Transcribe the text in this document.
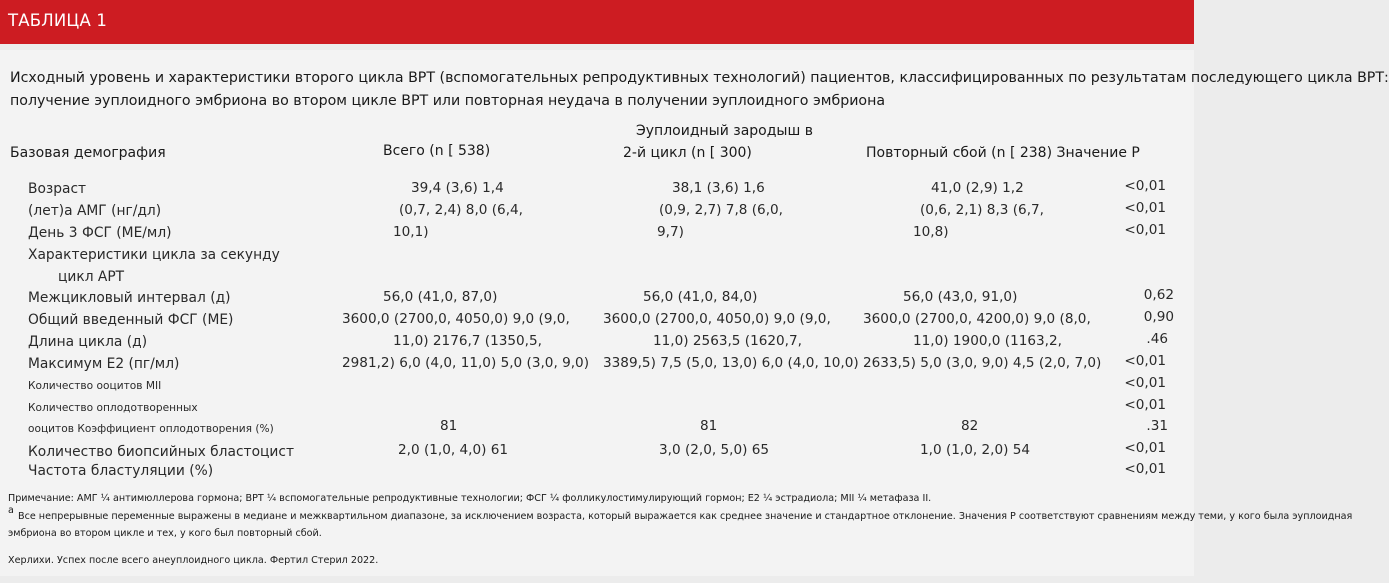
ТАБЛИЦА 1
Исходный уровень и характеристики второго цикла ВРТ (вспомогательных репродуктивных технологий) пациентов, классифицированных по результатам последующего цикла ВРТ:
получение эуплоидного эмбриона во втором цикле ВРТ или повторная неудача в получении эуплоидного эмбриона
Базовая демография	Всего (n [ 538)
Эуплоидный зародыш в
2-й цикл (n [ 300)	Повторный сбой (n [ 238) Значение P
Возраст
(лет)а АМГ (нг/дл)
День 3 ФСГ (МЕ/мл)
Характеристики цикла за секунду
цикл АРТ
Межцикловый интервал (д)
Общий введенный ФСГ (МЕ)
Длина цикла (д)
Максимум Е2 (пг/мл)
Количество ооцитов MII
Количество оплодотворенных
ооцитов Коэффициент оплодотворения (%)
Количество биопсийных бластоцист
Частота бластуляции (%)
39,4 (3,6) 1,4
(0,7, 2,4) 8,0 (6,4,
10,1)
56,0 (41,0, 87,0)
3600,0 (2700,0, 4050,0) 9,0 (9,0,
11,0) 2176,7 (1350,5,
2981,2) 6,0 (4,0, 11,0) 5,0 (3,0, 9,0)
81
2,0 (1,0, 4,0) 61
38,1 (3,6) 1,6
(0,9, 2,7) 7,8 (6,0,
9,7)
56,0 (41,0, 84,0)
3600,0 (2700,0, 4050,0) 9,0 (9,0,
11,0) 2563,5 (1620,7,
3389,5) 7,5 (5,0, 13,0) 6,0 (4,0, 10,0)
81
3,0 (2,0, 5,0) 65
41,0 (2,9) 1,2
(0,6, 2,1) 8,3 (6,7,
10,8)
56,0 (43,0, 91,0)
3600,0 (2700,0, 4200,0) 9,0 (8,0,
11,0) 1900,0 (1163,2,
2633,5) 5,0 (3,0, 9,0) 4,5 (2,0, 7,0)
82
1,0 (1,0, 2,0) 54
<0,01
<0,01
<0,01
0,62
0,90
.46
<0,01
<0,01
<0,01
.31
<0,01
<0,01
Примечание: АМГ ¼ антимюллерова гормона; ВРТ ¼ вспомогательные репродуктивные технологии; ФСГ ¼ фолликулостимулирующий гормон; E2 ¼ эстрадиола; MII ¼ метафаза II.
а
Все непрерывные переменные выражены в медиане и межквартильном диапазоне, за исключением возраста, который выражается как среднее значение и стандартное отклонение. Значения P соответствуют сравнениям между теми, у кого была эуплоидная
эмбриона во втором цикле и тех, у кого был повторный сбой.
Херлихи. Успех после всего анеуплоидного цикла. Фертил Стерил 2022.
